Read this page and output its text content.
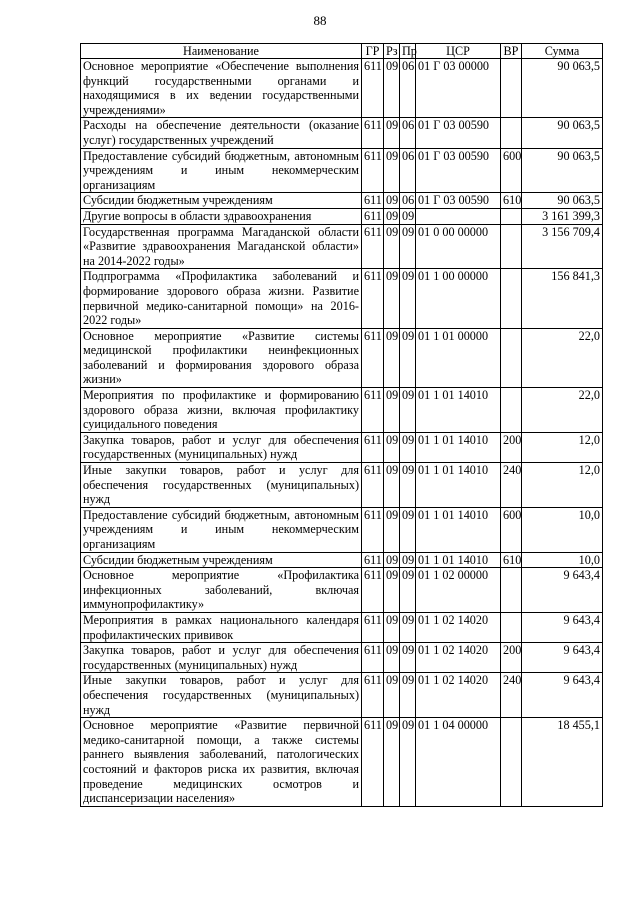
88
Наименование	ГР	Рз	Пр	ЦСР	ВР	Сумма
Основное мероприятие «Обеспечение выполнения функций государственными органами и находящимися в их ведении государственными учреждениями»	611	09	06	01 Г 03 00000		90 063,5
Расходы на обеспечение деятельности (оказание услуг) государственных учреждений	611	09	06	01 Г 03 00590		90 063,5
Предоставление субсидий бюджетным, автономным учреждениям и иным некоммерческим организациям	611	09	06	01 Г 03 00590	600	90 063,5
Субсидии бюджетным учреждениям	611	09	06	01 Г 03 00590	610	90 063,5
Другие вопросы в области здравоохранения	611	09	09			3 161 399,3
Государственная программа Магаданской области «Развитие здравоохранения Магаданской области» на 2014-2022 годы»	611	09	09	01 0 00 00000		3 156 709,4
Подпрограмма «Профилактика заболеваний и формирование здорового образа жизни. Развитие первичной медико-санитарной помощи» на 2016-2022 годы»	611	09	09	01 1 00 00000		156 841,3
Основное мероприятие «Развитие системы медицинской профилактики неинфекционных заболеваний и формирования здорового образа жизни»	611	09	09	01 1 01 00000		22,0
Мероприятия по профилактике и формированию здорового образа жизни, включая профилактику суицидального поведения	611	09	09	01 1 01 14010		22,0
Закупка товаров, работ и услуг для обеспечения государственных (муниципальных) нужд	611	09	09	01 1 01 14010	200	12,0
Иные закупки товаров, работ и услуг для обеспечения государственных (муниципальных) нужд	611	09	09	01 1 01 14010	240	12,0
Предоставление субсидий бюджетным, автономным учреждениям и иным некоммерческим организациям	611	09	09	01 1 01 14010	600	10,0
Субсидии бюджетным учреждениям	611	09	09	01 1 01 14010	610	10,0
Основное мероприятие «Профилактика инфекционных заболеваний, включая иммунопрофилактику»	611	09	09	01 1 02 00000		9 643,4
Мероприятия в рамках национального календаря профилактических прививок	611	09	09	01 1 02 14020		9 643,4
Закупка товаров, работ и услуг для обеспечения государственных (муниципальных) нужд	611	09	09	01 1 02 14020	200	9 643,4
Иные закупки товаров, работ и услуг для обеспечения государственных (муниципальных) нужд	611	09	09	01 1 02 14020	240	9 643,4
Основное мероприятие «Развитие первичной медико-санитарной помощи, а также системы раннего выявления заболеваний, патологических состояний и факторов риска их развития, включая проведение медицинских осмотров и диспансеризации населения»	611	09	09	01 1 04 00000		18 455,1
